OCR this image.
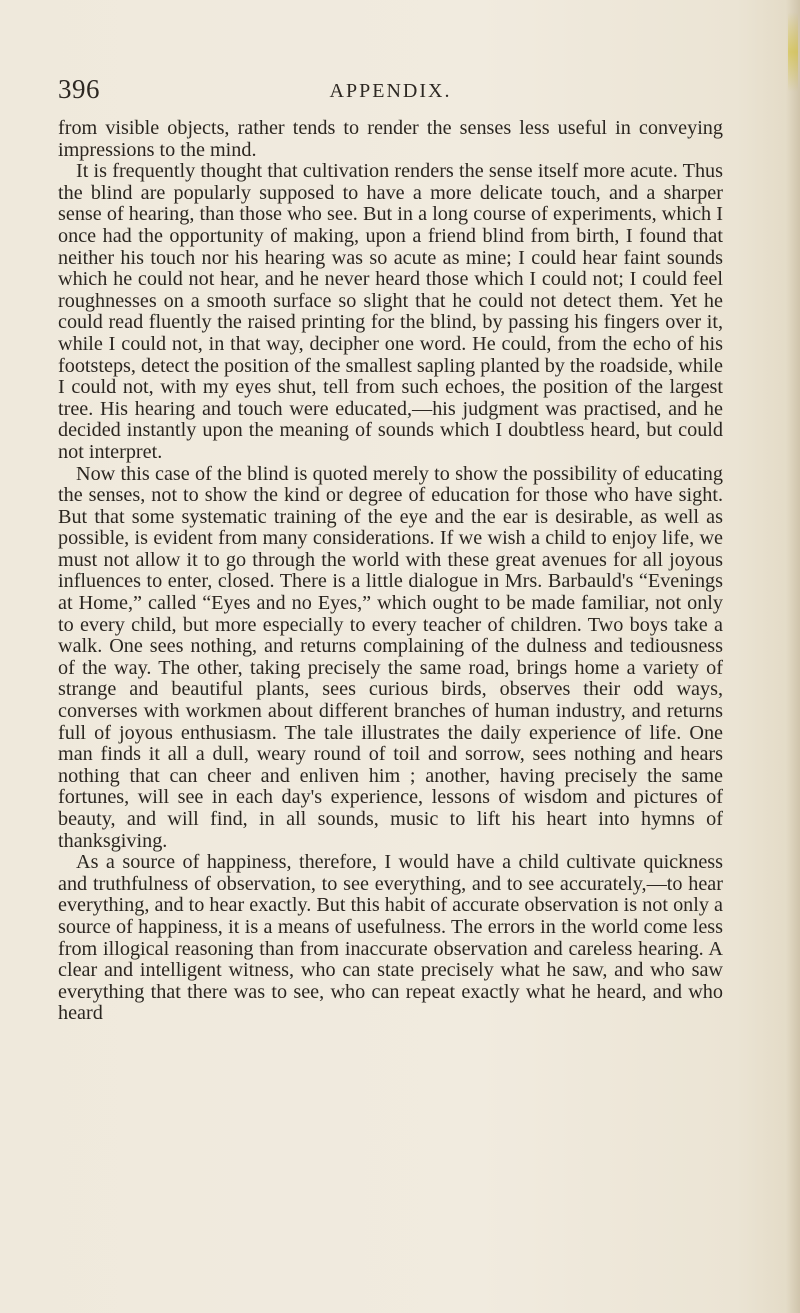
396	APPENDIX.

from visible objects, rather tends to render the senses less useful in conveying impressions to the mind.

It is frequently thought that cultivation renders the sense itself more acute. Thus the blind are popularly supposed to have a more delicate touch, and a sharper sense of hearing, than those who see. But in a long course of experiments, which I once had the opportunity of making, upon a friend blind from birth, I found that neither his touch nor his hearing was so acute as mine; I could hear faint sounds which he could not hear, and he never heard those which I could not; I could feel roughnesses on a smooth surface so slight that he could not detect them. Yet he could read fluently the raised printing for the blind, by passing his fingers over it, while I could not, in that way, decipher one word. He could, from the echo of his footsteps, detect the position of the smallest sapling planted by the roadside, while I could not, with my eyes shut, tell from such echoes, the position of the largest tree. His hearing and touch were educated,—his judgment was practised, and he decided instantly upon the meaning of sounds which I doubtless heard, but could not interpret.

Now this case of the blind is quoted merely to show the possibility of educating the senses, not to show the kind or degree of education for those who have sight. But that some systematic training of the eye and the ear is desirable, as well as possible, is evident from many considerations. If we wish a child to enjoy life, we must not allow it to go through the world with these great avenues for all joyous influences to enter, closed. There is a little dialogue in Mrs. Barbauld's “Evenings at Home,” called “Eyes and no Eyes,” which ought to be made familiar, not only to every child, but more especially to every teacher of children. Two boys take a walk. One sees nothing, and returns complaining of the dulness and tediousness of the way. The other, taking precisely the same road, brings home a variety of strange and beautiful plants, sees curious birds, observes their odd ways, converses with workmen about different branches of human industry, and returns full of joyous enthusiasm. The tale illustrates the daily experience of life. One man finds it all a dull, weary round of toil and sorrow, sees nothing and hears nothing that can cheer and enliven him ; another, having precisely the same fortunes, will see in each day's experience, lessons of wisdom and pictures of beauty, and will find, in all sounds, music to lift his heart into hymns of thanksgiving.

As a source of happiness, therefore, I would have a child cultivate quickness and truthfulness of observation, to see everything, and to see accurately,—to hear everything, and to hear exactly. But this habit of accurate observation is not only a source of happiness, it is a means of usefulness. The errors in the world come less from illogical reasoning than from inaccurate observation and careless hearing. A clear and intelligent witness, who can state precisely what he saw, and who saw everything that there was to see, who can repeat exactly what he heard, and who heard
